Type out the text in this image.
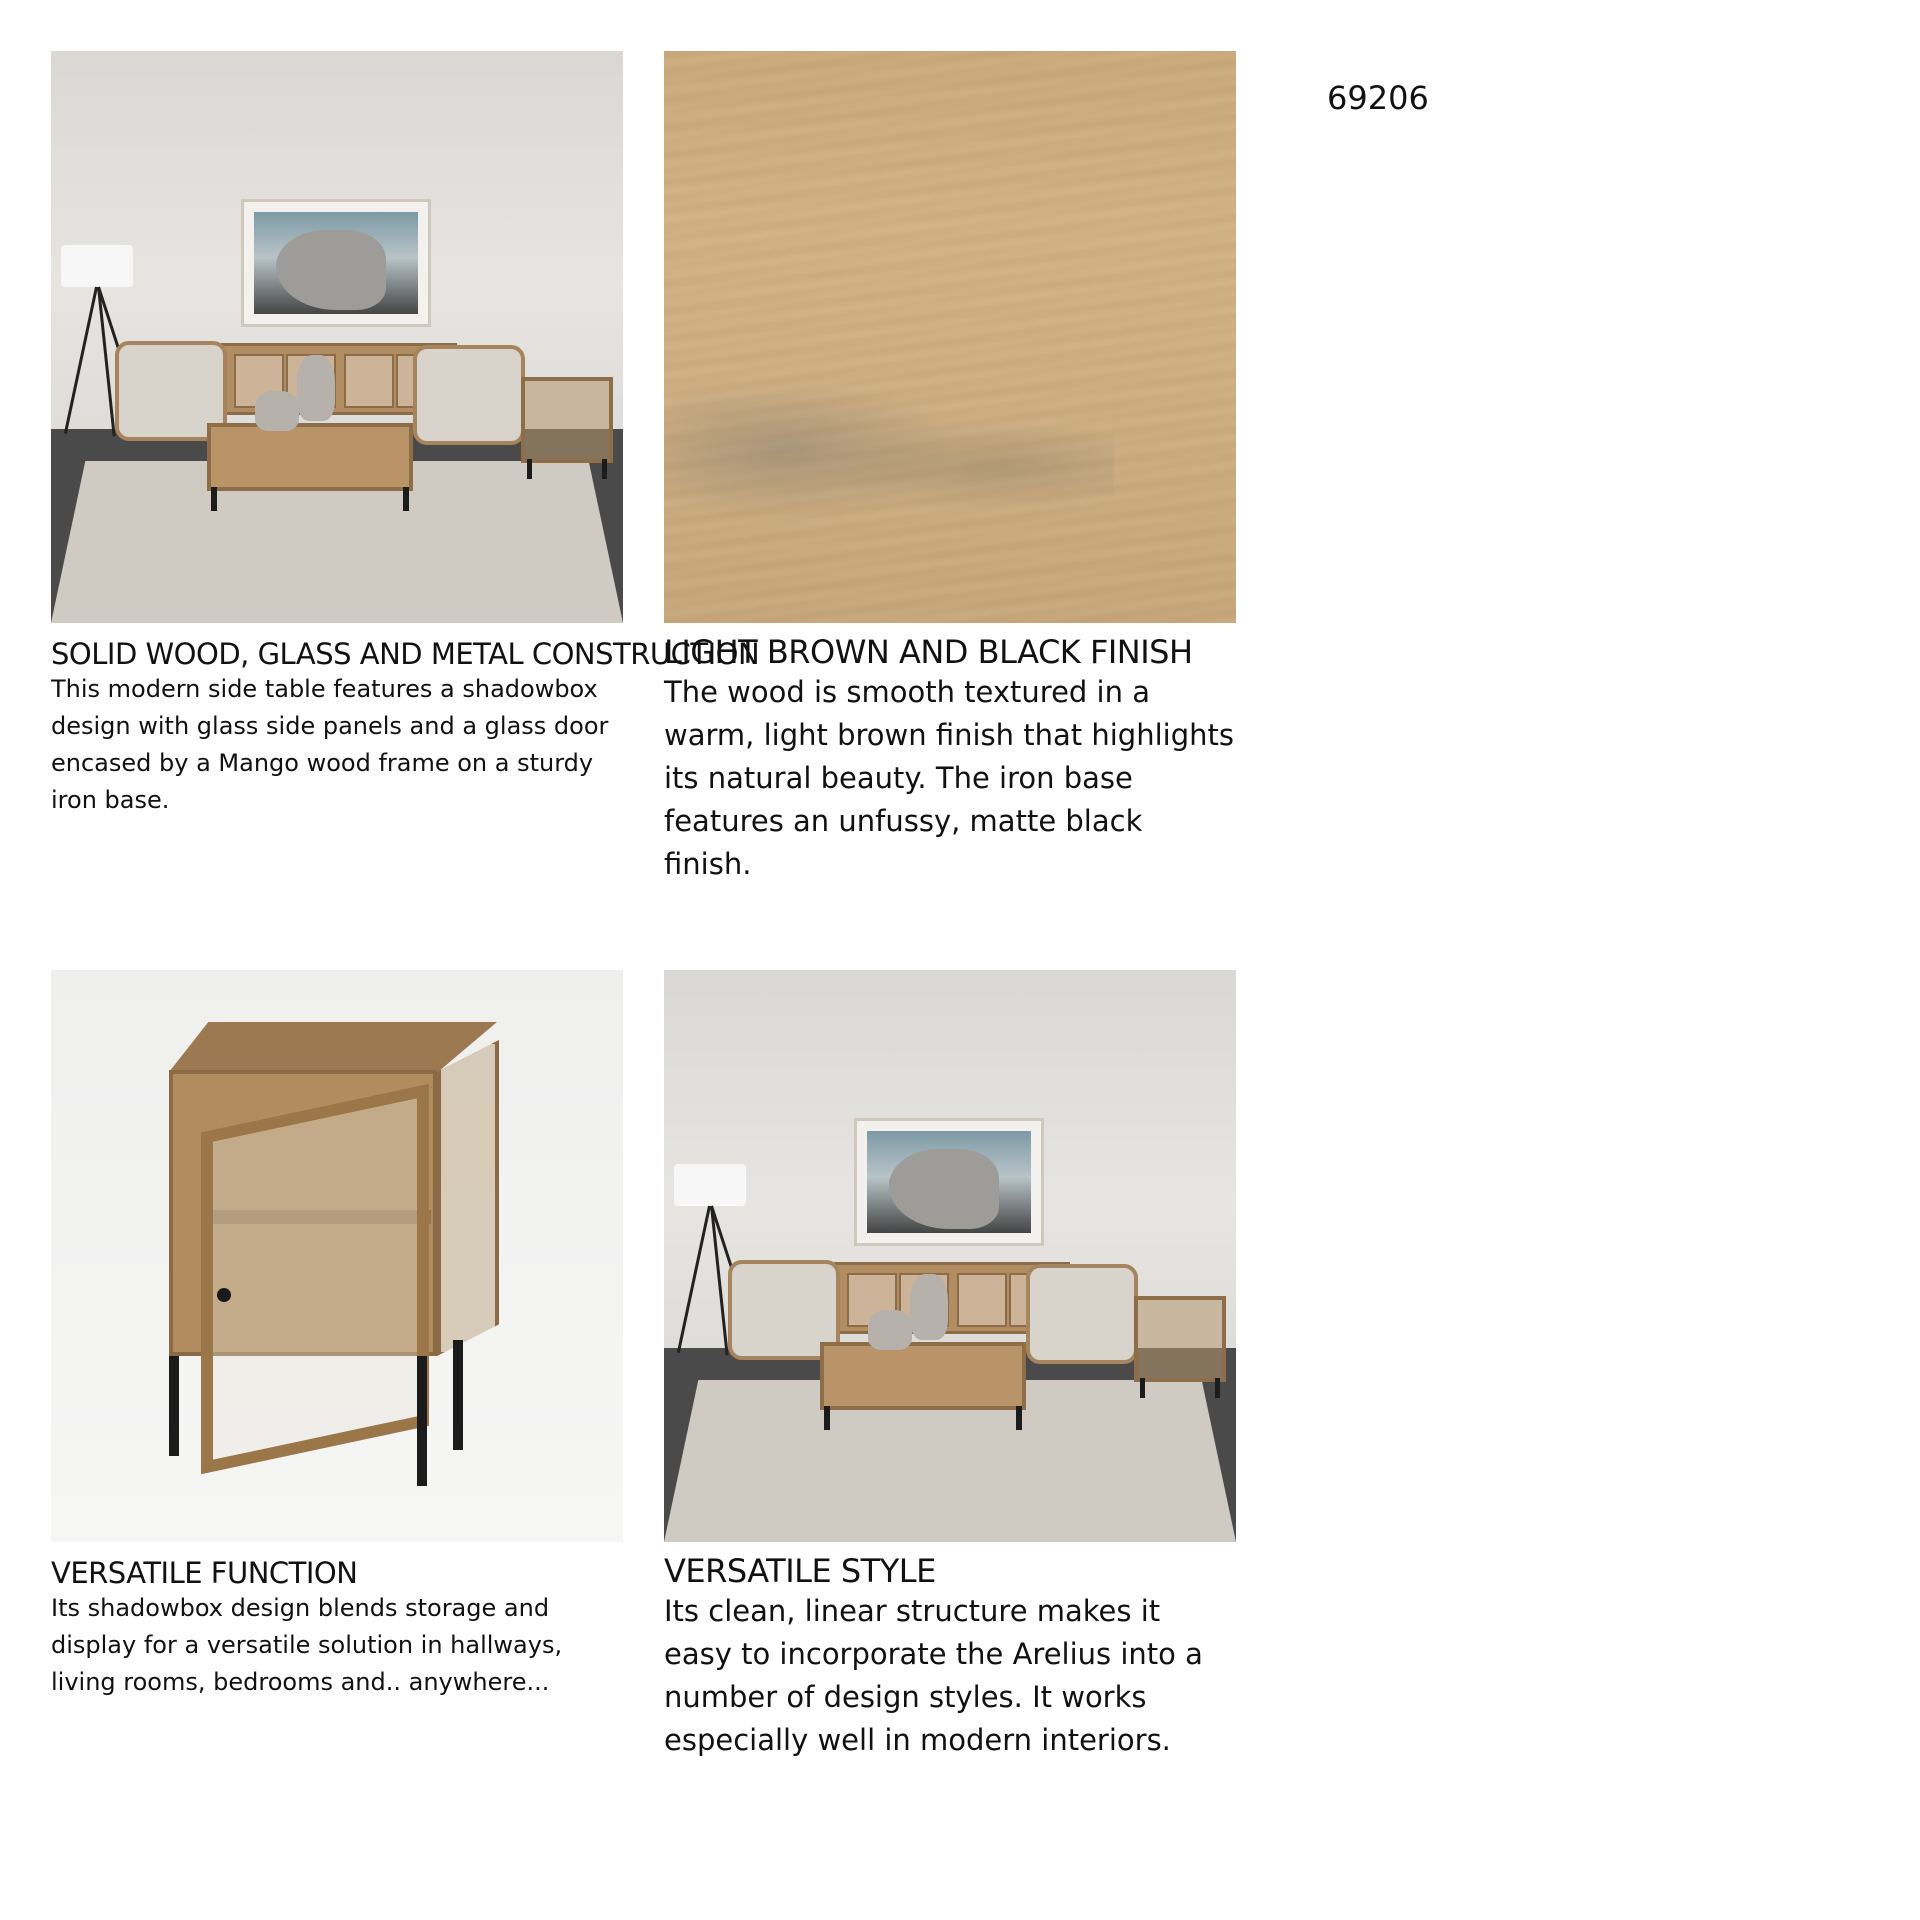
69206
SOLID WOOD, GLASS AND METAL CONSTRUCTION

This modern side table features a shadowbox design with glass side panels and a glass door encased by a Mango wood frame on a sturdy iron base.

LIGHT BROWN AND BLACK FINISH

The wood is smooth textured in a warm, light brown finish that highlights its natural beauty. The iron base features an unfussy, matte black finish.

VERSATILE FUNCTION

Its shadowbox design blends storage and display for a versatile solution in hallways, living rooms, bedrooms and.. anywhere...

VERSATILE STYLE

Its clean, linear structure makes it easy to incorporate the Arelius into a number of design styles. It works especially well in modern interiors.
